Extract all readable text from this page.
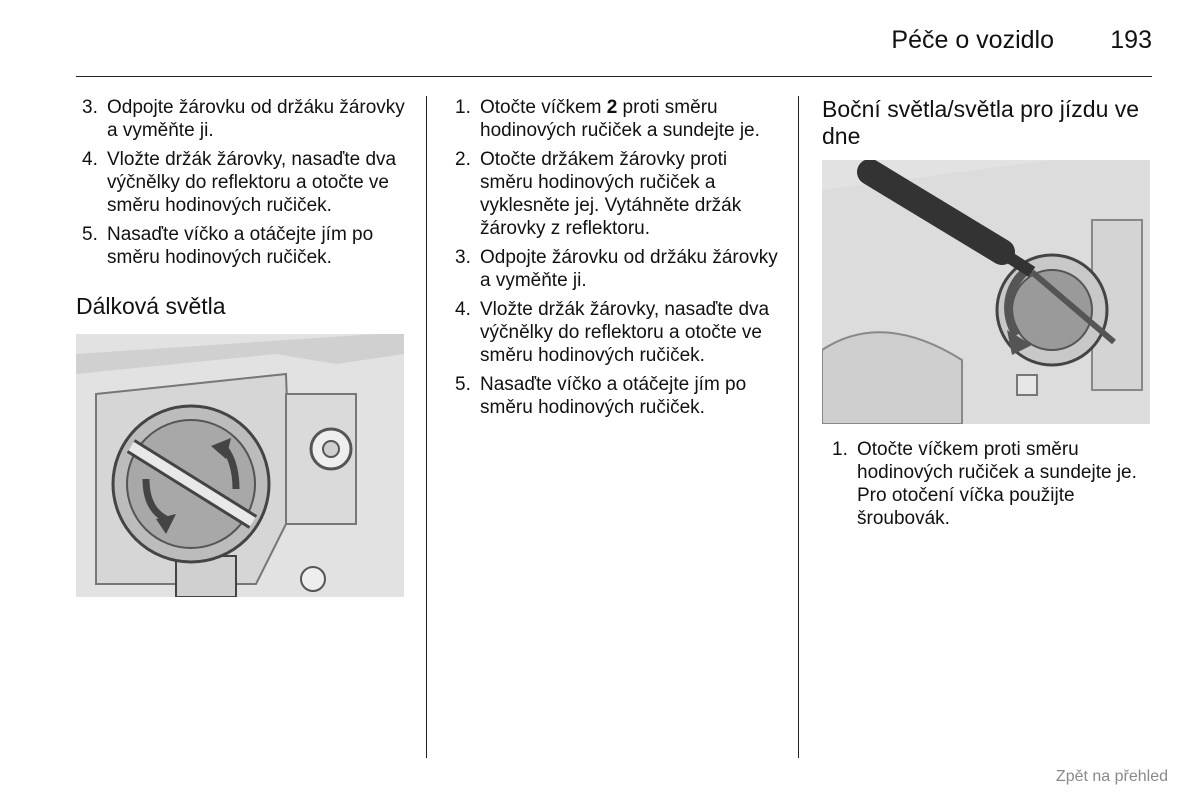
Péče o vozidlo	193
3. Odpojte žárovku od držáku žárovky a vyměňte ji.
4. Vložte držák žárovky, nasaďte dva výčnělky do reflektoru a otočte ve směru hodinových ručiček.
5. Nasaďte víčko a otáčejte jím po směru hodinových ručiček.
Dálková světla
1. Otočte víčkem 2 proti směru hodinových ručiček a sundejte je.
2. Otočte držákem žárovky proti směru hodinových ručiček a vyklesněte jej. Vytáhněte držák žárovky z reflektoru.
3. Odpojte žárovku od držáku žárovky a vyměňte ji.
4. Vložte držák žárovky, nasaďte dva výčnělky do reflektoru a otočte ve směru hodinových ručiček.
5. Nasaďte víčko a otáčejte jím po směru hodinových ručiček.
Boční světla/světla pro jízdu ve dne
1. Otočte víčkem proti směru hodinových ručiček a sundejte je. Pro otočení víčka použijte šroubovák.
Zpět na přehled
